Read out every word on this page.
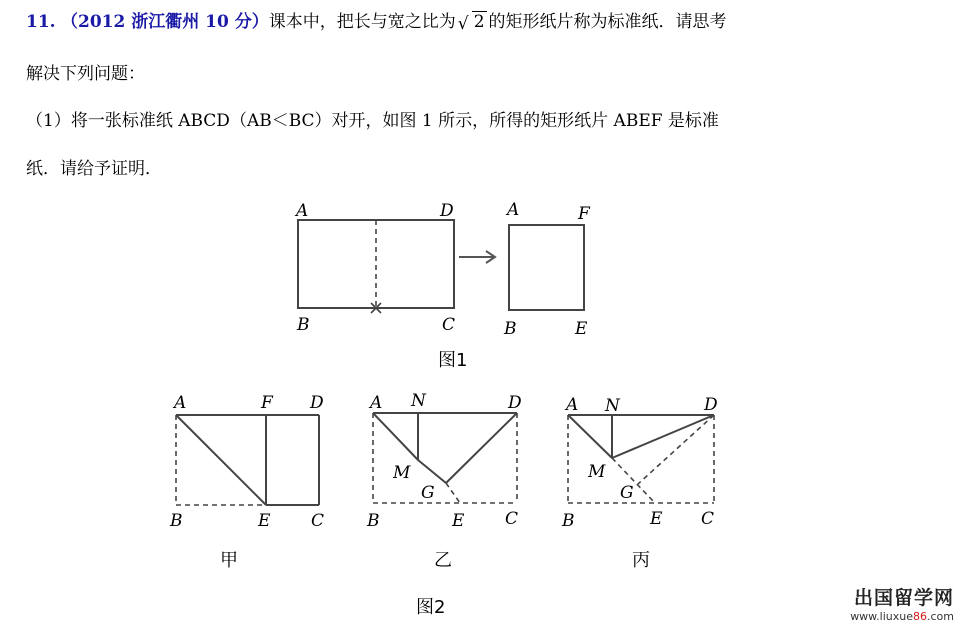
11. （2012 浙江衢州 10 分）课本中，把长与宽之比为 √ 2 的矩形纸片称为标准纸．请思考
解决下列问题：
（1）将一张标准纸 ABCD（AB＜BC）对开，如图 1 所示，所得的矩形纸片 ABEF 是标准
纸．请给予证明．
A	D
B	C
A	F
B	E
图1
A	F D
B	E C
甲
A N	D
M
G
B	E C
乙
A N	D
M
G
B	E C
丙
图2	出国留学网
www.liuxue86.com
